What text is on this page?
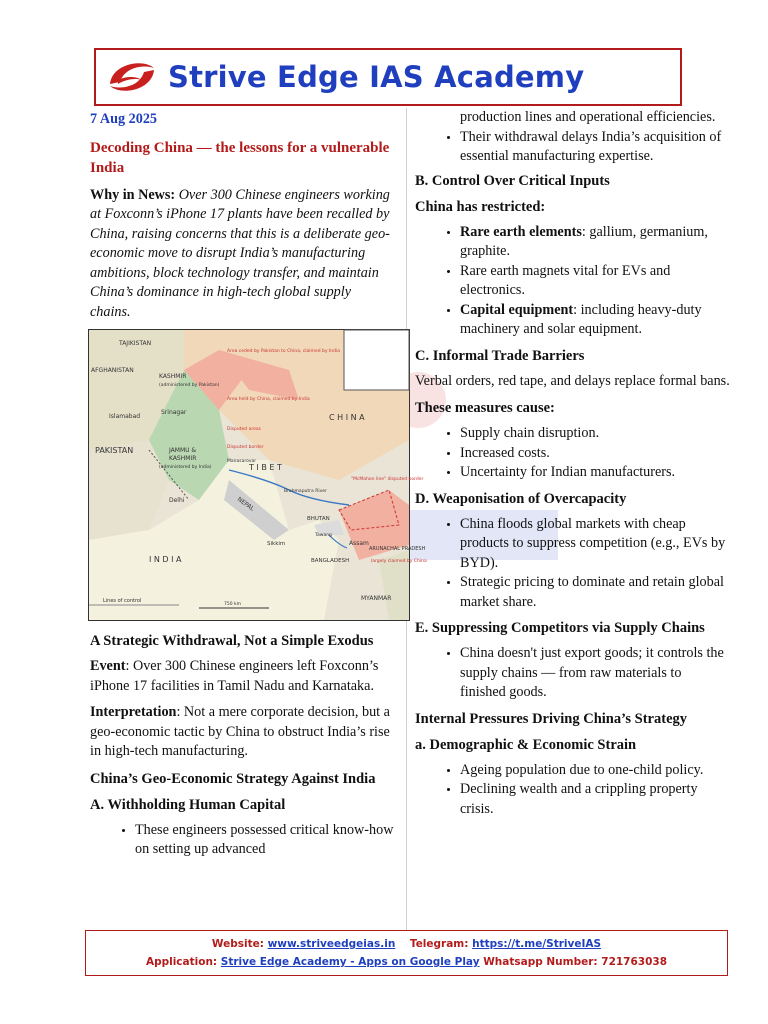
Strive Edge IAS Academy

7 Aug 2025

Decoding China — the lessons for a vulnerable India

Why in News: Over 300 Chinese engineers working at Foxconn’s iPhone 17 plants have been recalled by China, raising concerns that this is a deliberate geo-economic move to disrupt India’s manufacturing ambitions, block technology transfer, and maintain China’s dominance in high-tech global supply chains.

TAJIKISTAN
AFGHANISTAN
KASHMIR
(administered by Pakistan)
Islamabad
Srinagar
PAKISTAN	JAMMU &
KASHMIR
(administered by India)
Delhi
I N D I A
NEPAL
T I B E T
C H I N A
BHUTAN
Sikkim
Tawang
Assam
BANGLADESH
ARUNACHAL PRADESH
largely claimed by China
MYANMAR
Manasarovar
Brahmaputra River
Area ceded by Pakistan to China, claimed by India
Area held by China, claimed by India
Disputed areas
Disputed border
"McMahon line" disputed border
Lines of control
750 km
A Strategic Withdrawal, Not a Simple Exodus

Event: Over 300 Chinese engineers left Foxconn’s iPhone 17 facilities in Tamil Nadu and Karnataka.

Interpretation: Not a mere corporate decision, but a geo-economic tactic by China to obstruct India’s rise in high-tech manufacturing.

China’s Geo-Economic Strategy Against India
A. Withholding Human Capital
• These engineers possessed critical know-how on setting up advanced

production lines and operational efficiencies.

• Their withdrawal delays India’s acquisition of essential manufacturing expertise.
B. Control Over Critical Inputs
China has restricted:
• Rare earth elements: gallium, germanium, graphite.
• Rare earth magnets vital for EVs and electronics.
• Capital equipment: including heavy-duty machinery and solar equipment.
C. Informal Trade Barriers

Verbal orders, red tape, and delays replace formal bans.

These measures cause:
• Supply chain disruption.
• Increased costs.
• Uncertainty for Indian manufacturers.
D. Weaponisation of Overcapacity
• China floods global markets with cheap products to suppress competition (e.g., EVs by BYD).
• Strategic pricing to dominate and retain global market share.
E. Suppressing Competitors via Supply Chains
• China doesn't just export goods; it controls the supply chains — from raw materials to finished goods.
Internal Pressures Driving China’s Strategy
a. Demographic & Economic Strain
• Ageing population due to one-child policy.
• Declining wealth and a crippling property crisis.
Website: www.striveedgeias.in Telegram: https://t.me/StriveIAS
Application: Strive Edge Academy - Apps on Google Play Whatsapp Number: 721763038
